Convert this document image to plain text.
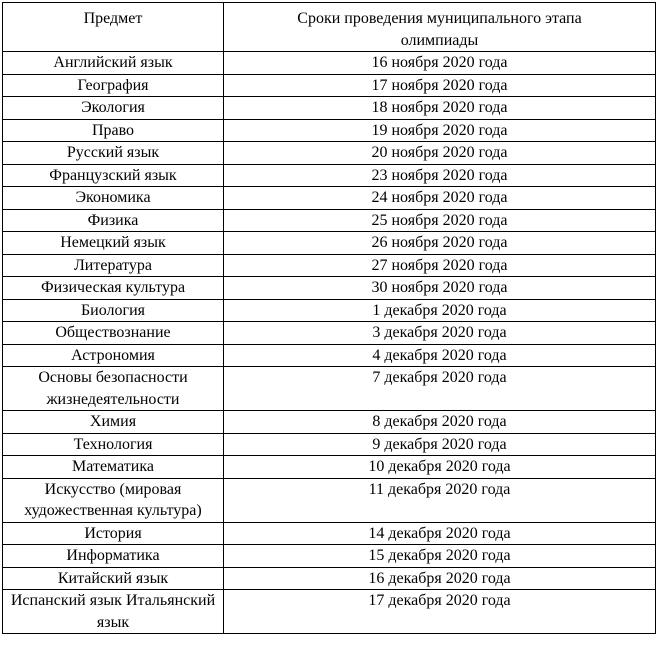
Предмет	Сроки проведения муниципального этапа олимпиады
Английский язык	16 ноября 2020 года
География	17 ноября 2020 года
Экология	18 ноября 2020 года
Право	19 ноября 2020 года
Русский язык	20 ноября 2020 года
Французский язык	23 ноября 2020 года
Экономика	24 ноября 2020 года
Физика	25 ноября 2020 года
Немецкий язык	26 ноября 2020 года
Литература	27 ноября 2020 года
Физическая культура	30 ноября 2020 года
Биология	1 декабря 2020 года
Обществознание	3 декабря 2020 года
Астрономия	4 декабря 2020 года
Основы безопасности жизнедеятельности	7 декабря 2020 года
Химия	8 декабря 2020 года
Технология	9 декабря 2020 года
Математика	10 декабря 2020 года
Искусство (мировая художественная культура)	11 декабря 2020 года
История	14 декабря 2020 года
Информатика	15 декабря 2020 года
Китайский язык	16 декабря 2020 года
Испанский язык Итальянский язык	17 декабря 2020 года
